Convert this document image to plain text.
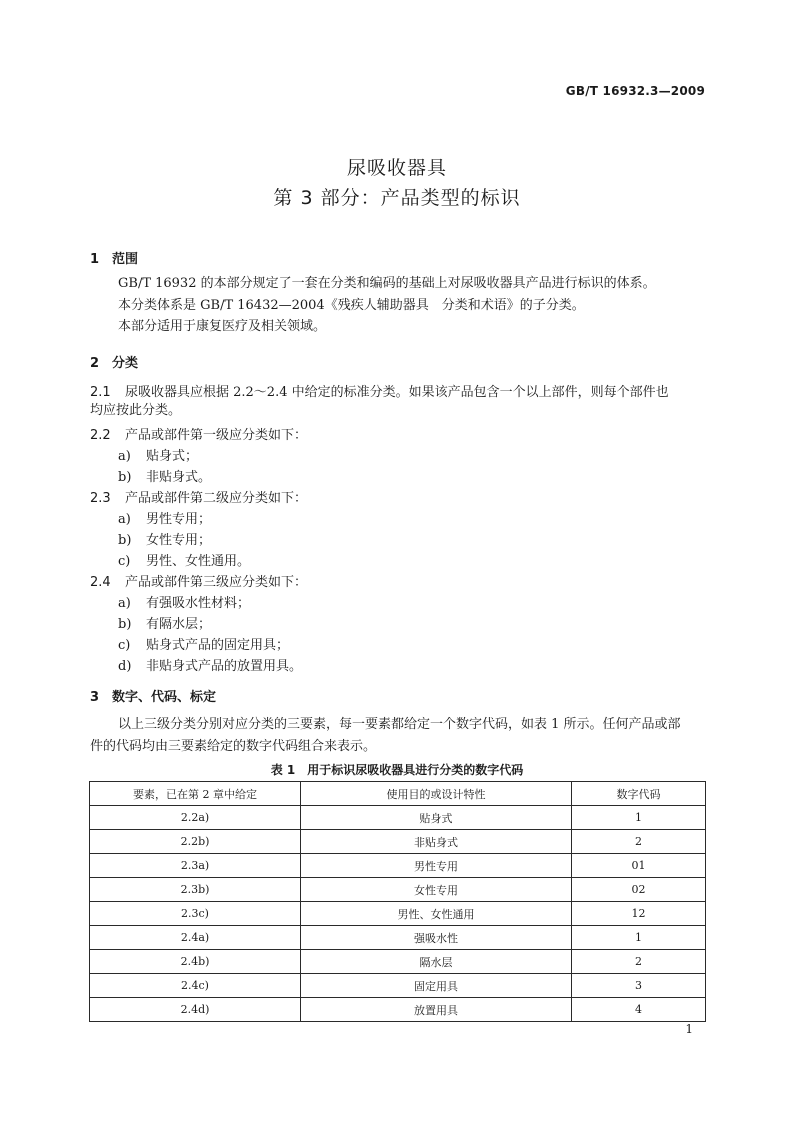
GB/T 16932.3—2009
尿吸收器具
第 3 部分：产品类型的标识
1 范围
GB/T 16932 的本部分规定了一套在分类和编码的基础上对尿吸收器具产品进行标识的体系。
本分类体系是 GB/T 16432—2004《残疾人辅助器具　分类和术语》的子分类。
本部分适用于康复医疗及相关领域。
2 分类
2.1 尿吸收器具应根据 2.2～2.4 中给定的标准分类。如果该产品包含一个以上部件，则每个部件也
均应按此分类。
2.2 产品或部件第一级应分类如下：
a) 贴身式；
b) 非贴身式。
2.3 产品或部件第二级应分类如下：
a) 男性专用；
b) 女性专用；
c) 男性、女性通用。
2.4 产品或部件第三级应分类如下：
a) 有强吸水性材料；
b) 有隔水层；
c) 贴身式产品的固定用具；
d) 非贴身式产品的放置用具。
3 数字、代码、标定
以上三级分类分别对应分类的三要素，每一要素都给定一个数字代码，如表 1 所示。任何产品或部
件的代码均由三要素给定的数字代码组合来表示。
表 1　用于标识尿吸收器具进行分类的数字代码
要素，已在第 2 章中给定	使用目的或设计特性	数字代码
2.2a)	贴身式	1
2.2b)	非贴身式	2
2.3a)	男性专用	01
2.3b)	女性专用	02
2.3c)	男性、女性通用	12
2.4a)	强吸水性	1
2.4b)	隔水层	2
2.4c)	固定用具	3
2.4d)	放置用具	4
1
